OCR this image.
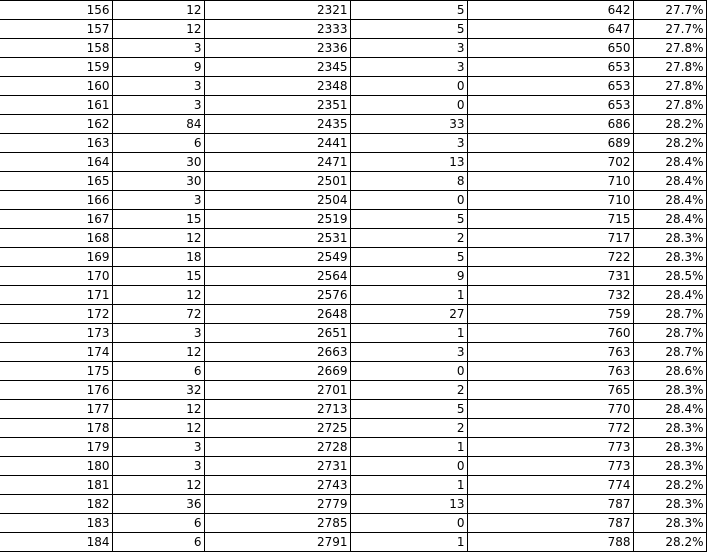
156	12	2321	5	642	27.7%
157	12	2333	5	647	27.7%
158	3	2336	3	650	27.8%
159	9	2345	3	653	27.8%
160	3	2348	0	653	27.8%
161	3	2351	0	653	27.8%
162	84	2435	33	686	28.2%
163	6	2441	3	689	28.2%
164	30	2471	13	702	28.4%
165	30	2501	8	710	28.4%
166	3	2504	0	710	28.4%
167	15	2519	5	715	28.4%
168	12	2531	2	717	28.3%
169	18	2549	5	722	28.3%
170	15	2564	9	731	28.5%
171	12	2576	1	732	28.4%
172	72	2648	27	759	28.7%
173	3	2651	1	760	28.7%
174	12	2663	3	763	28.7%
175	6	2669	0	763	28.6%
176	32	2701	2	765	28.3%
177	12	2713	5	770	28.4%
178	12	2725	2	772	28.3%
179	3	2728	1	773	28.3%
180	3	2731	0	773	28.3%
181	12	2743	1	774	28.2%
182	36	2779	13	787	28.3%
183	6	2785	0	787	28.3%
184	6	2791	1	788	28.2%
